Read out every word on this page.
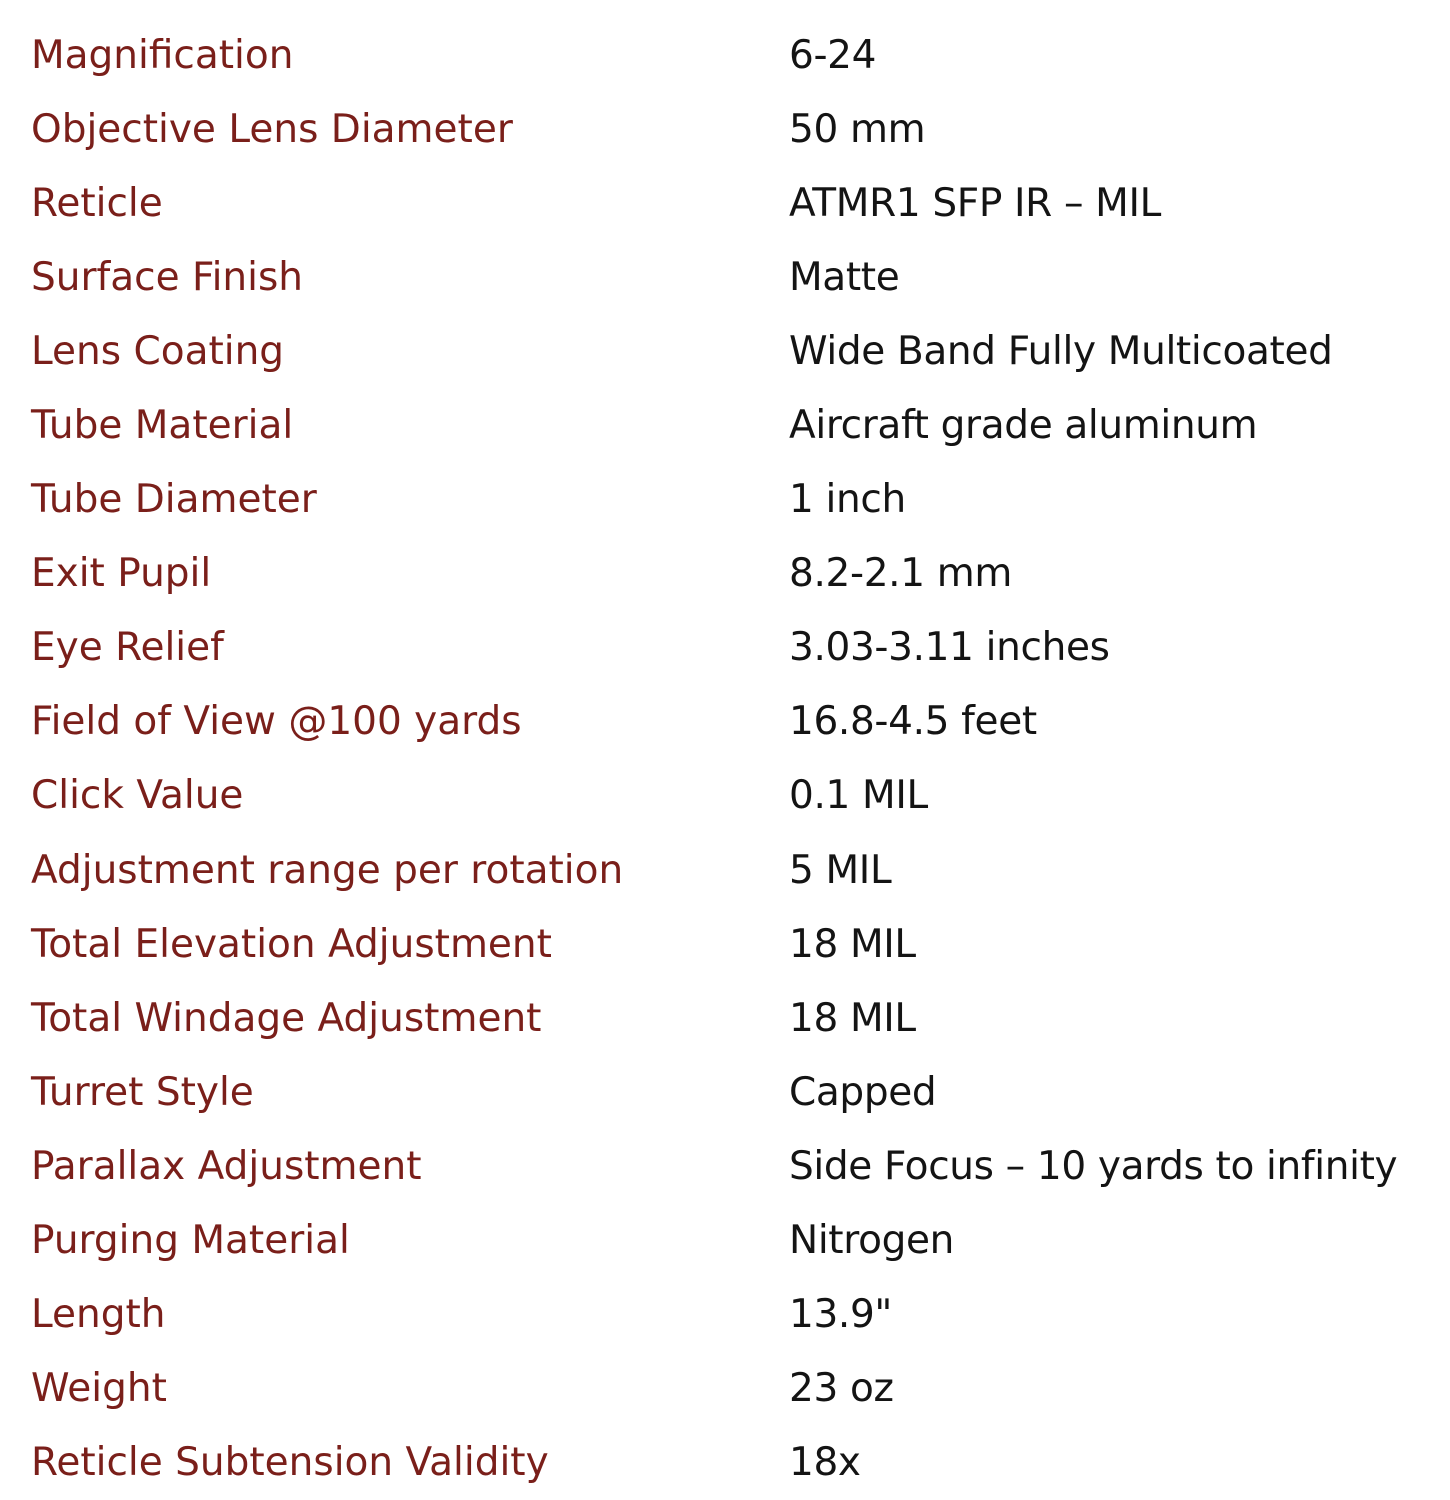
Magnification	6-24
Objective Lens Diameter	50 mm
Reticle	ATMR1 SFP IR – MIL
Surface Finish	Matte
Lens Coating	Wide Band Fully Multicoated
Tube Material	Aircraft grade aluminum
Tube Diameter	1 inch
Exit Pupil	8.2-2.1 mm
Eye Relief	3.03-3.11 inches
Field of View @100 yards	16.8-4.5 feet
Click Value	0.1 MIL
Adjustment range per rotation	5 MIL
Total Elevation Adjustment	18 MIL
Total Windage Adjustment	18 MIL
Turret Style	Capped
Parallax Adjustment	Side Focus – 10 yards to infinity
Purging Material	Nitrogen
Length	13.9"
Weight	23 oz
Reticle Subtension Validity	18x
